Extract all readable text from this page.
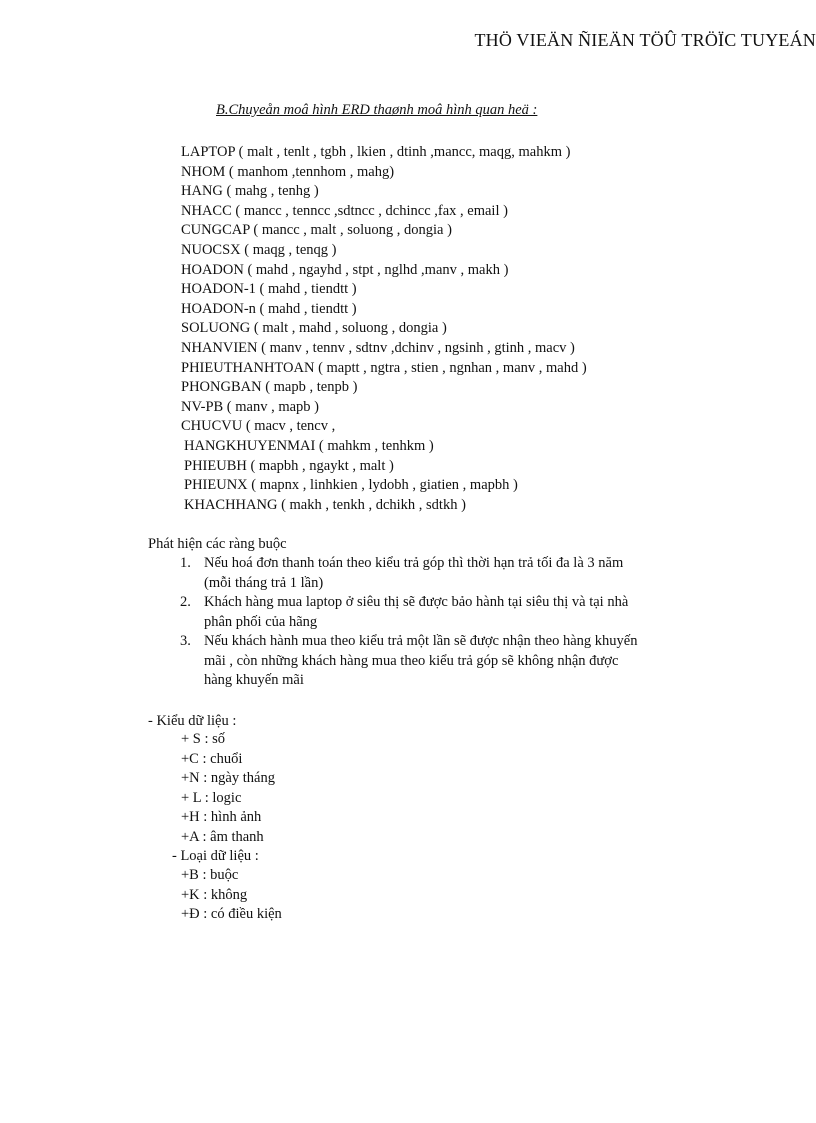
THÖ VIEÄN ÑIEÄN TÖÛ TRÖÏC TUYEÁN
B.Chuyeån moâ hình ERD thaønh moâ hình quan heä :
LAPTOP ( malt , tenlt , tgbh , lkien , dtinh ,mancc, maqg, mahkm )
NHOM ( manhom ,tennhom , mahg)
HANG ( mahg , tenhg )
NHACC ( mancc , tenncc ,sdtncc , dchincc ,fax , email )
CUNGCAP ( mancc , malt , soluong , dongia )
NUOCSX ( maqg , tenqg )
HOADON ( mahd , ngayhd , stpt , nglhd ,manv , makh )
HOADON-1 ( mahd , tiendtt )
HOADON-n ( mahd , tiendtt )
SOLUONG ( malt , mahd , soluong , dongia )
NHANVIEN ( manv , tennv , sdtnv ,dchinv , ngsinh , gtinh , macv )
PHIEUTHANHTOAN ( maptt , ngtra , stien , ngnhan , manv , mahd )
PHONGBAN ( mapb , tenpb )
NV-PB ( manv , mapb )
CHUCVU ( macv , tencv ,
HANGKHUYENMAI ( mahkm , tenhkm )
PHIEUBH ( mapbh , ngaykt , malt )
PHIEUNX ( mapnx , linhkien , lydobh , giatien , mapbh )
KHACHHANG ( makh , tenkh , dchikh , sdtkh )
Phát hiện các ràng buộc
1. Nếu hoá đơn thanh toán theo kiểu trả góp thì thời hạn trả tối đa là 3 năm
(mỗi tháng trả 1 lần)
2. Khách hàng mua laptop ở siêu thị sẽ được bảo hành tại siêu thị và tại nhà
phân phối của hãng
3. Nếu khách hành mua theo kiểu trả một lần sẽ được nhận theo hàng khuyến
mãi , còn những khách hàng mua theo kiểu trả góp sẽ không nhận được
hàng khuyến mãi
- Kiểu dữ liệu :
+ S : số
+C : chuổi
+N : ngày tháng
+ L : logic
+H : hình ảnh
+A : âm thanh
- Loại dữ liệu :
+B : buộc
+K : không
+Đ : có điều kiện
